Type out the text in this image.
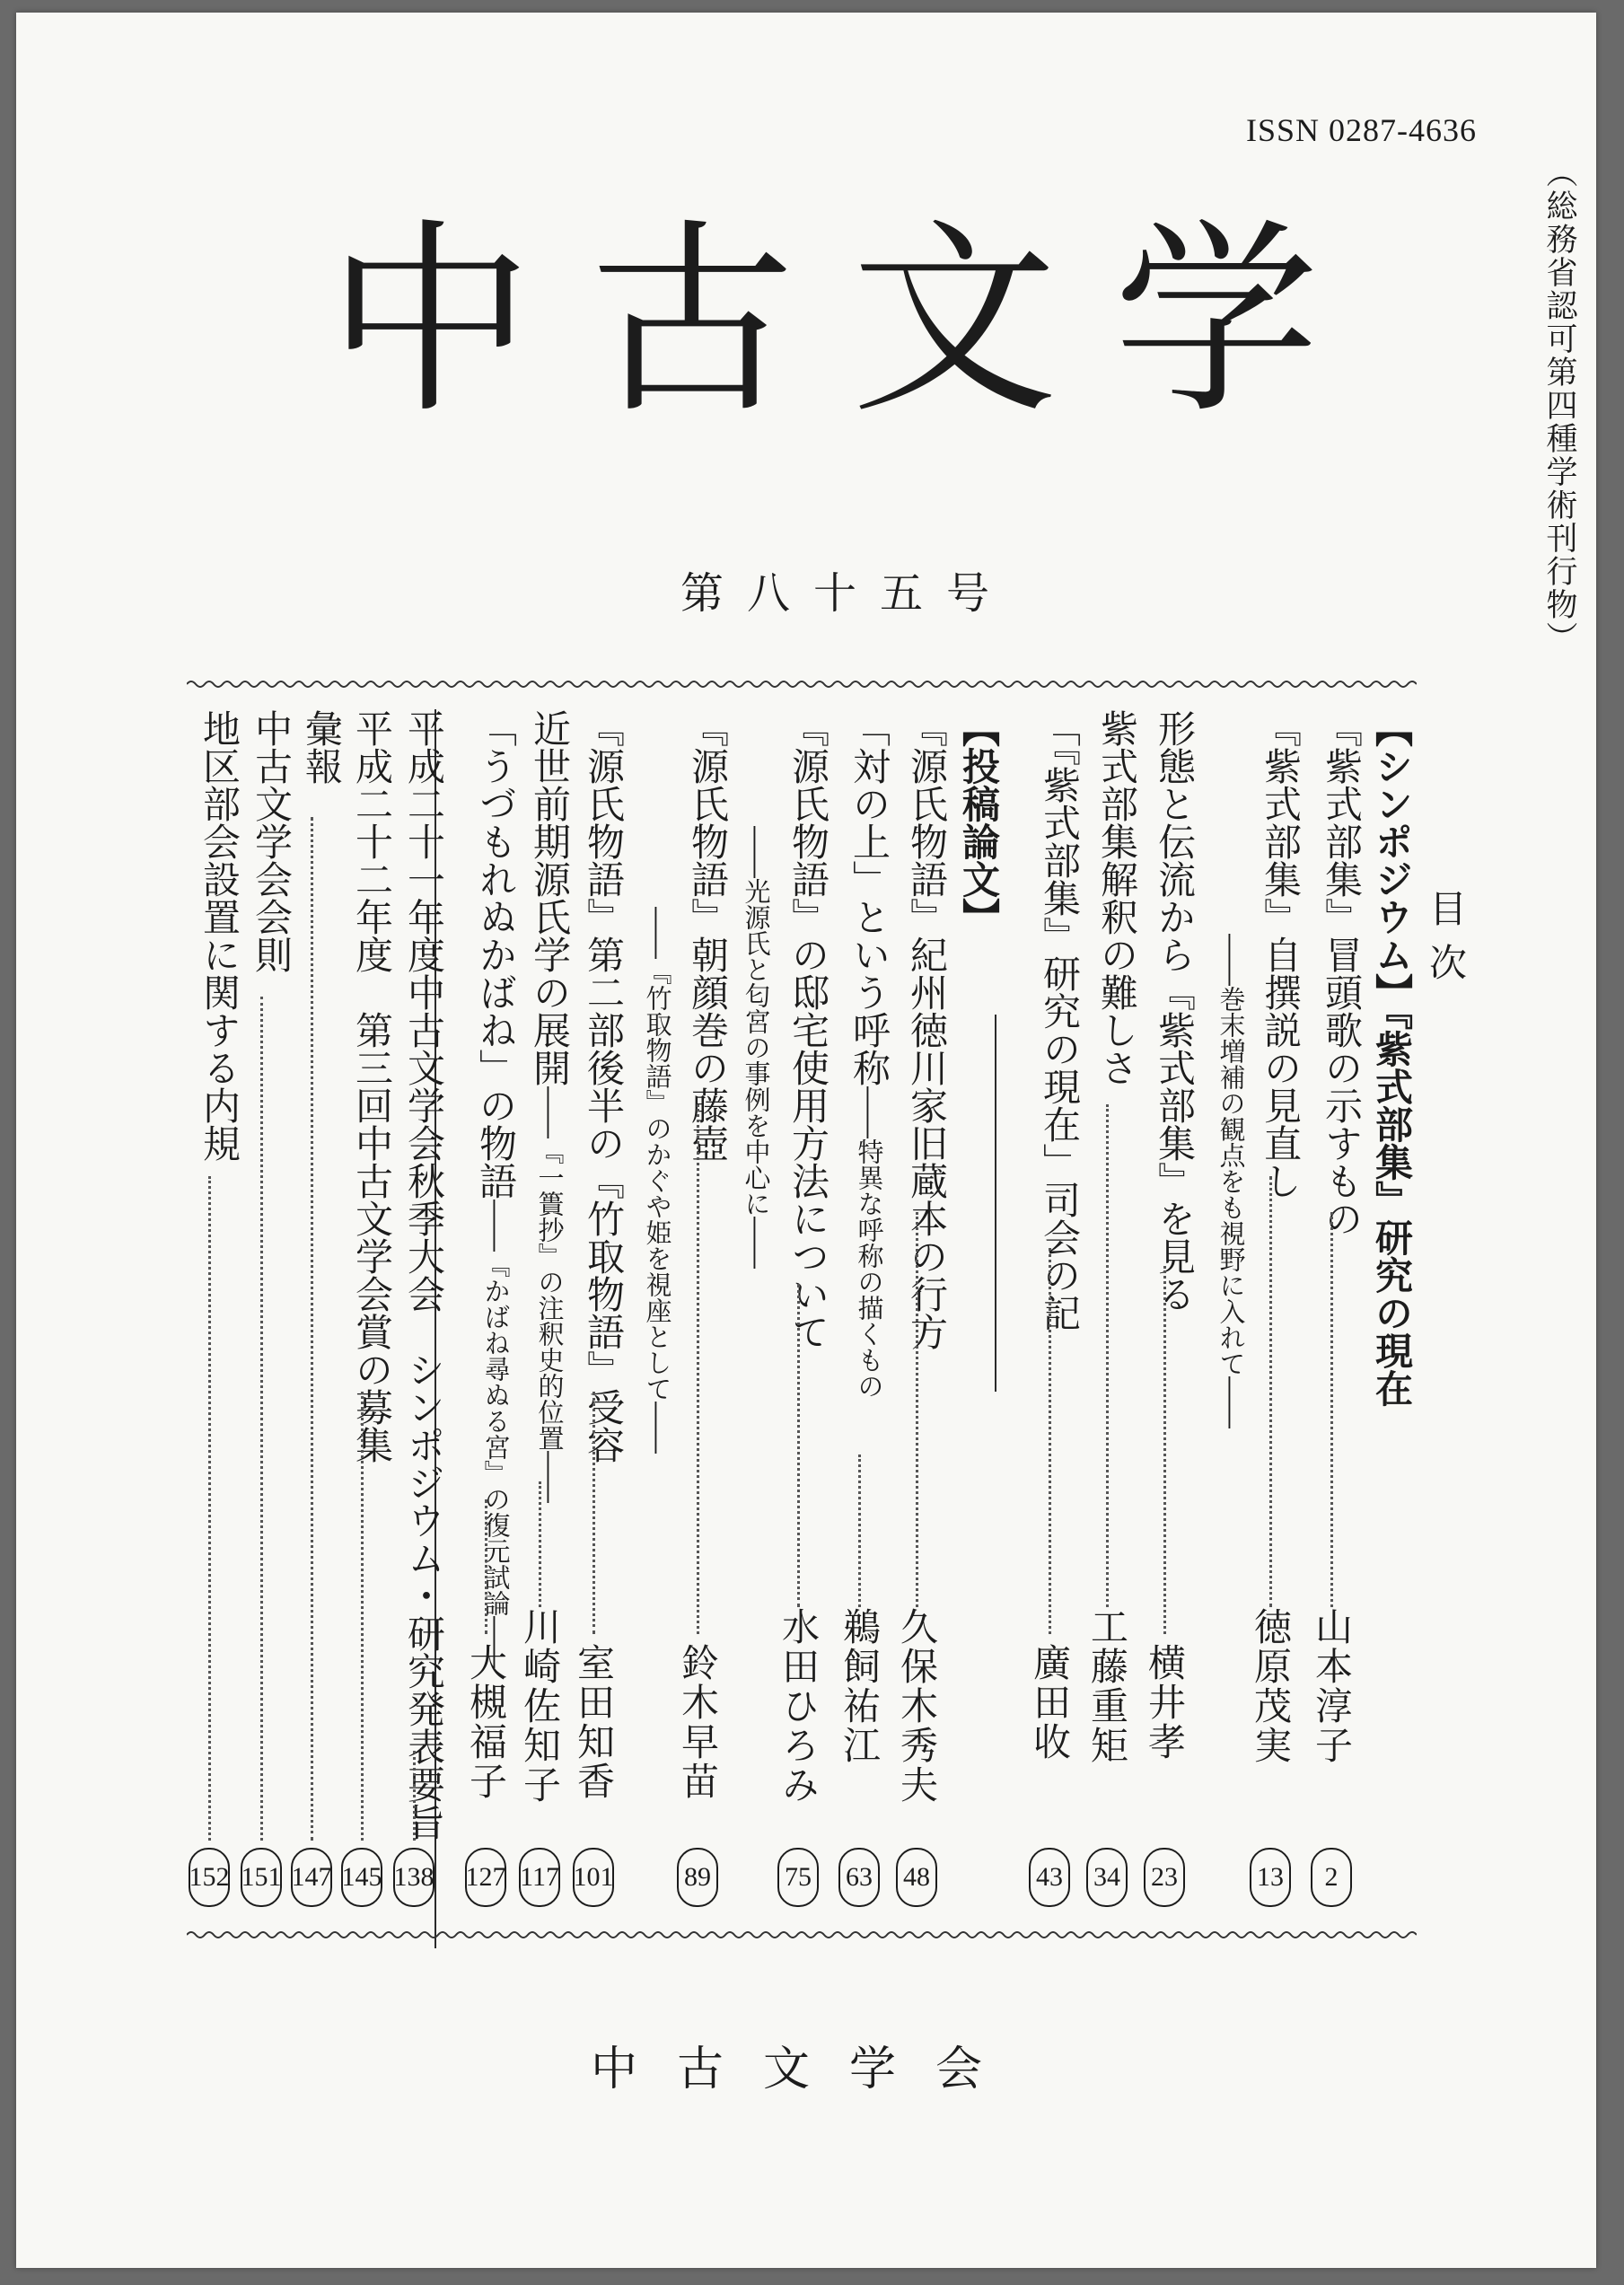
ISSN 0287-4636
（総務省認可第四種学術刊行物）
中古文学
第八十五号
目次
【シンポジウム】『紫式部集』研究の現在
『紫式部集』冒頭歌の示すもの
『紫式部集』自撰説の見直し
――巻末増補の観点をも視野に入れて――
形態と伝流から『紫式部集』を見る
紫式部集解釈の難しさ
「『紫式部集』研究の現在」司会の記
【投稿論文】
『源氏物語』紀州徳川家旧蔵本の行方
「対の上」という呼称――特異な呼称の描くもの
『源氏物語』の邸宅使用方法について
――光源氏と匂宮の事例を中心に――
『源氏物語』朝顔巻の藤壺
――『竹取物語』のかぐや姫を視座として――
『源氏物語』第二部後半の『竹取物語』受容
近世前期源氏学の展開――『一簣抄』の注釈史的位置――
「うづもれぬかばね」の物語――『かばね尋ぬる宮』の復元試論――
平成二十一年度中古文学会秋季大会　シンポジウム・研究発表要旨
平成二十二年度　第三回中古文学会賞の募集
彙報
中古文学会会則
地区部会設置に関する内規
山本淳子
徳原茂実
横井孝
工藤重矩
廣田收
久保木秀夫
鵜飼祐江
水田ひろみ
鈴木早苗
室田知香
川崎佐知子
大槻福子
2
13
23
34
43
48
63
75
89
101
117
127
138
145
147
151
152
中古文学会
